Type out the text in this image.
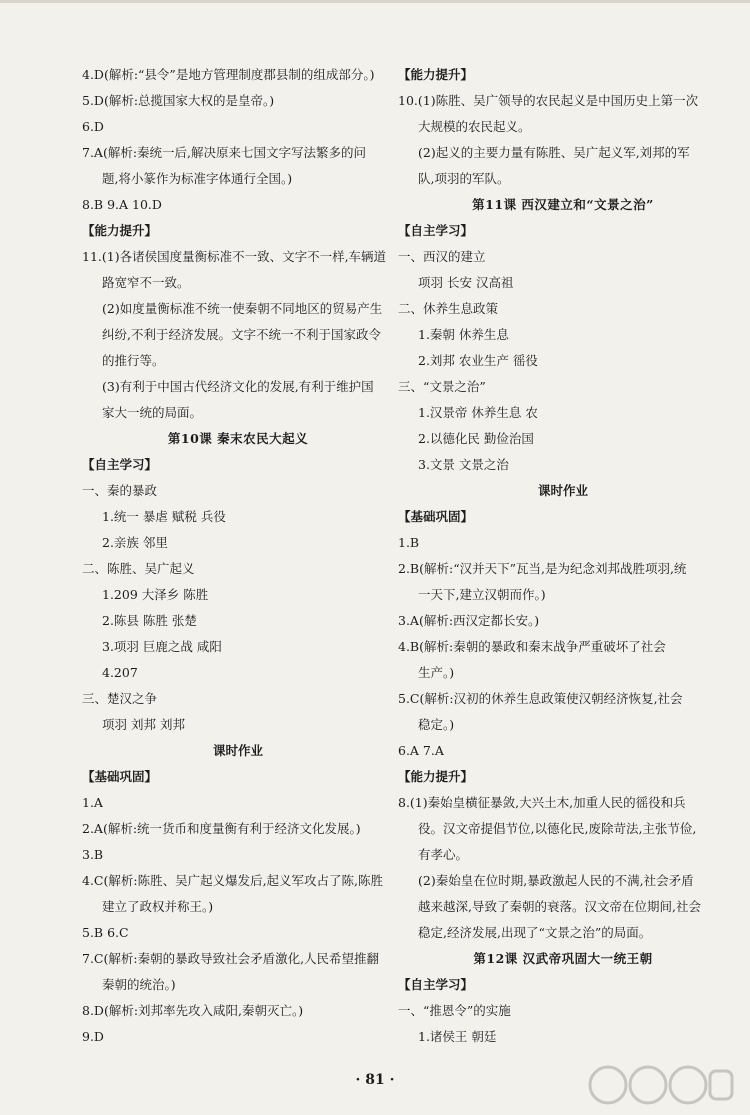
4.D(解析:“县令”是地方管理制度郡县制的组成部分。)
5.D(解析:总揽国家大权的是皇帝。)
6.D
7.A(解析:秦统一后,解决原来七国文字写法繁多的问
题,将小篆作为标准字体通行全国。)
8.B 9.A 10.D
【能力提升】
11.(1)各诸侯国度量衡标准不一致、文字不一样,车辆道
路宽窄不一致。
(2)如度量衡标准不统一使秦朝不同地区的贸易产生
纠纷,不利于经济发展。文字不统一不利于国家政令
的推行等。
(3)有利于中国古代经济文化的发展,有利于维护国
家大一统的局面。
第10课 秦末农民大起义
【自主学习】
一、秦的暴政
1.统一 暴虐 赋税 兵役
2.亲族 邻里
二、陈胜、吴广起义
1.209 大泽乡 陈胜
2.陈县 陈胜 张楚
3.项羽 巨鹿之战 咸阳
4.207
三、楚汉之争
项羽 刘邦 刘邦
课时作业
【基础巩固】
1.A
2.A(解析:统一货币和度量衡有利于经济文化发展。)
3.B
4.C(解析:陈胜、吴广起义爆发后,起义军攻占了陈,陈胜
建立了政权并称王。)
5.B 6.C
7.C(解析:秦朝的暴政导致社会矛盾激化,人民希望推翻
秦朝的统治。)
8.D(解析:刘邦率先攻入咸阳,秦朝灭亡。)
9.D
【能力提升】
10.(1)陈胜、吴广领导的农民起义是中国历史上第一次
大规模的农民起义。
(2)起义的主要力量有陈胜、吴广起义军,刘邦的军
队,项羽的军队。
第11课 西汉建立和“文景之治”
【自主学习】
一、西汉的建立
项羽 长安 汉高祖
二、休养生息政策
1.秦朝 休养生息
2.刘邦 农业生产 徭役
三、“文景之治”
1.汉景帝 休养生息 农
2.以德化民 勤俭治国
3.文景 文景之治
课时作业
【基础巩固】
1.B
2.B(解析:“汉并天下”瓦当,是为纪念刘邦战胜项羽,统
一天下,建立汉朝而作。)
3.A(解析:西汉定都长安。)
4.B(解析:秦朝的暴政和秦末战争严重破坏了社会
生产。)
5.C(解析:汉初的休养生息政策使汉朝经济恢复,社会
稳定。)
6.A 7.A
【能力提升】
8.(1)秦始皇横征暴敛,大兴土木,加重人民的徭役和兵
役。汉文帝提倡节位,以德化民,废除苛法,主张节俭,
有孝心。
(2)秦始皇在位时期,暴政激起人民的不满,社会矛盾
越来越深,导致了秦朝的衰落。汉文帝在位期间,社会
稳定,经济发展,出现了“文景之治”的局面。
第12课 汉武帝巩固大一统王朝
【自主学习】
一、“推恩令”的实施
1.诸侯王 朝廷
· 81 ·
